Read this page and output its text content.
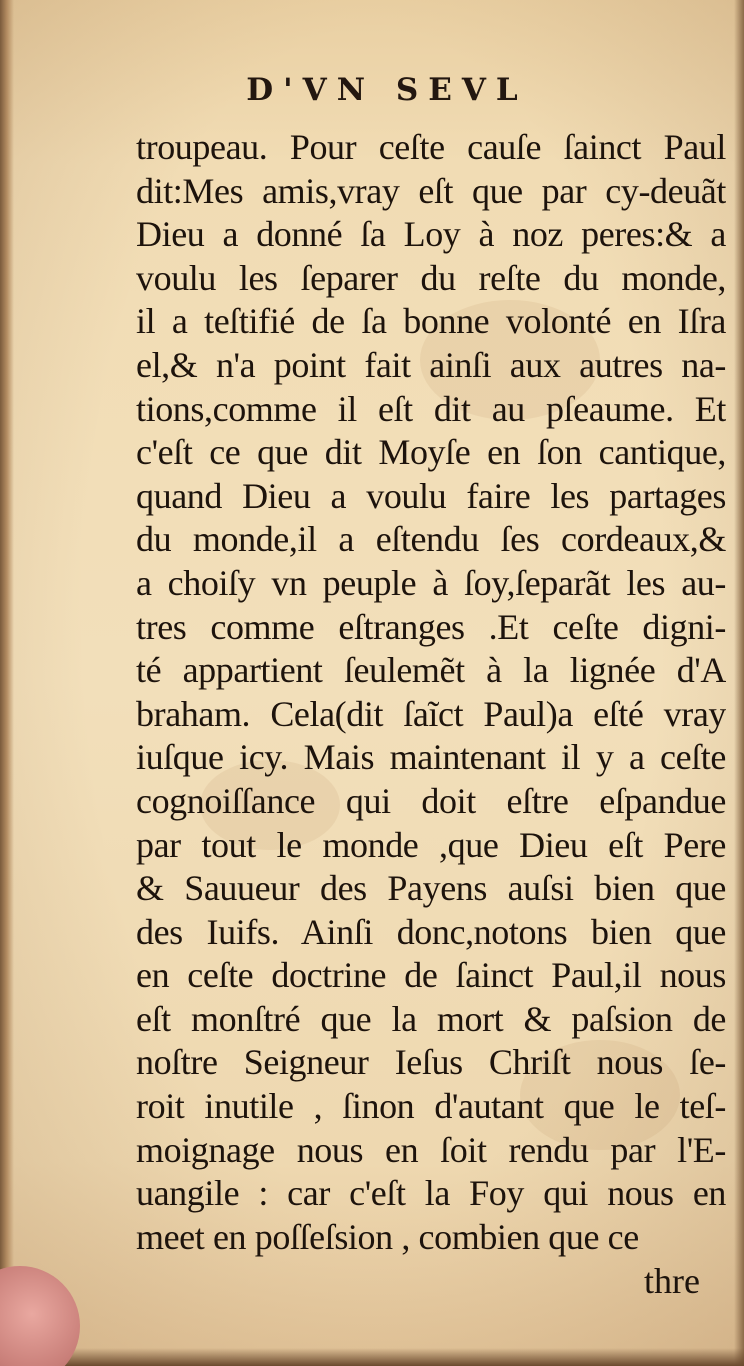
D'VN SEVL
troupeau. Pour ceſte cauſe ſainct Paul
dit:Mes amis,vray eſt que par cy-deuãt
Dieu a donné ſa Loy à noz peres:& a
voulu les ſeparer du reſte du monde,
il a teſtifié de ſa bonne volonté en Iſra
el,& n'a point fait ainſi aux autres na-
tions,comme il eſt dit au pſeaume. Et
c'eſt ce que dit Moyſe en ſon cantique,
quand Dieu a voulu faire les partages
du monde,il a eſtendu ſes cordeaux,&
a choiſy vn peuple à ſoy,ſeparãt les au-
tres comme eſtranges .Et ceſte digni-
té appartient ſeulemẽt à la lignée d'A
braham. Cela(dit ſaĩct Paul)a eſté vray
iuſque icy. Mais maintenant il y a ceſte
cognoiſſance qui doit eſtre eſpandue
par tout le monde ,que Dieu eſt Pere
& Sauueur des Payens auſsi bien que
des Iuifs. Ainſi donc,notons bien que
en ceſte doctrine de ſainct Paul,il nous
eſt monſtré que la mort & paſsion de
noſtre Seigneur Ieſus Chriſt nous ſe-
roit inutile , ſinon d'autant que le teſ-
moignage nous en ſoit rendu par l'E-
uangile : car c'eſt la Foy qui nous en
meet en poſſeſsion , combien que ce
thre
